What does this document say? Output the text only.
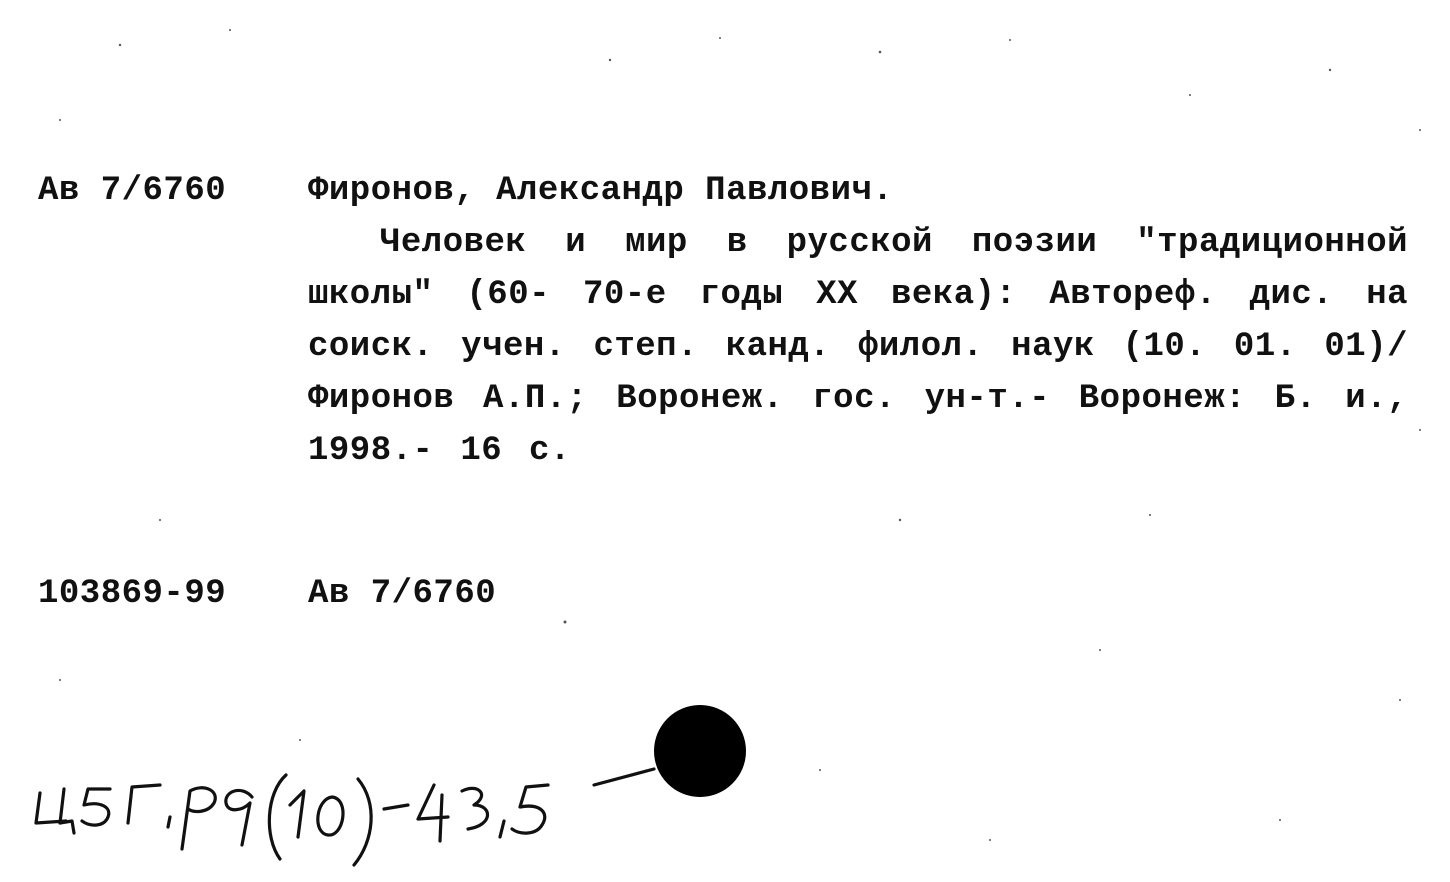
Ав 7/6760 Фиронов, Александр Павлович.
Человек и мир в русской поэзии "традиционной школы" (60- 70-е годы XX века): Автореф. дис. на соиск. учен. степ. канд. филол. наук (10. 01. 01)/ Фиронов А.П.; Воронеж. гос. ун-т.- Воронеж: Б. и., 1998.- 16 с.
103869-99 Ав 7/6760
